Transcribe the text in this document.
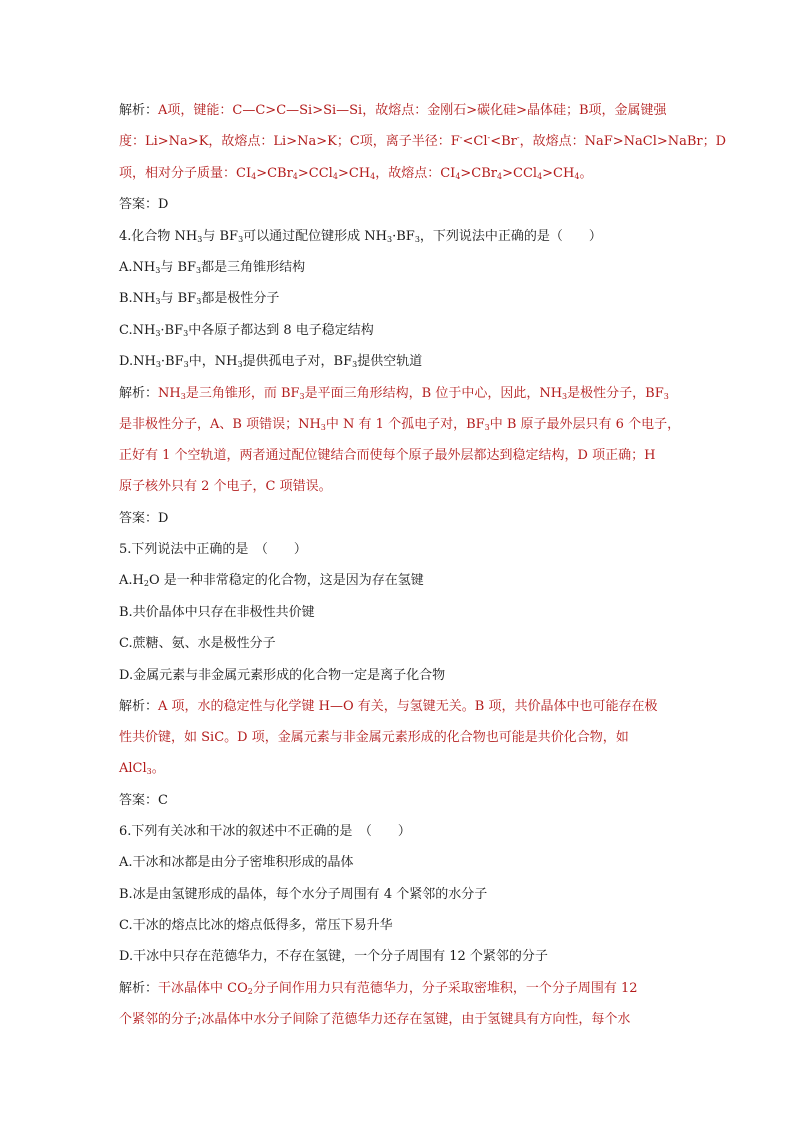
解析：A项，键能：C—C>C—Si>Si—Si，故熔点：金刚石>碳化硅>晶体硅；B项，金属键强
度：Li>Na>K，故熔点：Li>Na>K；C项，离子半径：F-<Cl-<Br-，故熔点：NaF>NaCl>NaBr；D
项，相对分子质量：$CI_4>CBr_4>CCl_4>CH_4$，故熔点：$CI_4>CBr_4>CCl_4>CH_4$。
答案：D
4.化合物 $NH_3$与 $BF_3$可以通过配位键形成 $NH_3\cdot BF_3$，下列说法中正确的是（　　）
$A.NH_3$与 $BF_3$都是三角锥形结构
$B.NH_3$与 $BF_3$都是极性分子
$C.NH_3\cdot BF_3$中各原子都达到 8 电子稳定结构
$D.NH_3\cdot BF_3$中，$NH_3$提供孤电子对，$BF_3$提供空轨道
解析：$NH_3$是三角锥形，而 $BF_3$是平面三角形结构，B 位于中心，因此，$NH_3$是极性分子，$BF_3$
是非极性分子，A、B 项错误；$NH_3$中 N 有 1 个孤电子对，$BF_3$中 B 原子最外层只有 6 个电子，
正好有 1 个空轨道，两者通过配位键结合而使每个原子最外层都达到稳定结构，D 项正确；H
原子核外只有 2 个电子，C 项错误。
答案：D
5.下列说法中正确的是　（　　）
$A.H_2O$ 是一种非常稳定的化合物，这是因为存在氢键
B.共价晶体中只存在非极性共价键
C.蔗糖、氨、水是极性分子
D.金属元素与非金属元素形成的化合物一定是离子化合物
解析：A 项，水的稳定性与化学键 H—O 有关，与氢键无关。B 项，共价晶体中也可能存在极
性共价键，如 SiC。D 项，金属元素与非金属元素形成的化合物也可能是共价化合物，如
AlCl$_3$。
答案：C
6.下列有关冰和干冰的叙述中不正确的是　（　　）
A.干冰和冰都是由分子密堆积形成的晶体
B.冰是由氢键形成的晶体，每个水分子周围有 4 个紧邻的水分子
C.干冰的熔点比冰的熔点低得多，常压下易升华
D.干冰中只存在范德华力，不存在氢键，一个分子周围有 12 个紧邻的分子
解析：干冰晶体中 $CO_2$分子间作用力只有范德华力，分子采取密堆积，一个分子周围有 12
个紧邻的分子;冰晶体中水分子间除了范德华力还存在氢键，由于氢键具有方向性，每个水
